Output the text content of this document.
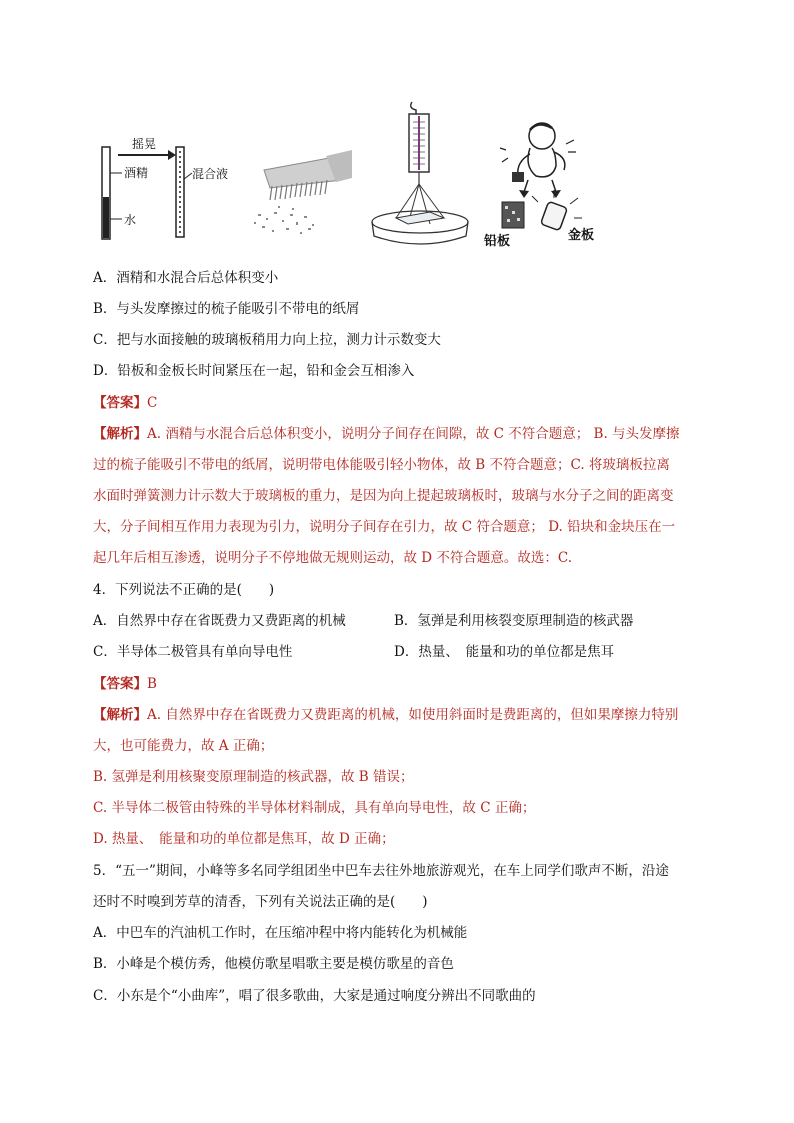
摇晃
酒精
水
混合液
铅板	金板
A．酒精和水混合后总体积变小
B．与头发摩擦过的梳子能吸引不带电的纸屑
C．把与水面接触的玻璃板稍用力向上拉，测力计示数变大
D．铅板和金板长时间紧压在一起，铅和金会互相渗入
【答案】C
【解析】A. 酒精与水混合后总体积变小，说明分子间存在间隙，故 C 不符合题意； B. 与头发摩擦
过的梳子能吸引不带电的纸屑，说明带电体能吸引轻小物体，故 B 不符合题意；C. 将玻璃板拉离
水面时弹簧测力计示数大于玻璃板的重力，是因为向上提起玻璃板时，玻璃与水分子之间的距离变
大，分子间相互作用力表现为引力，说明分子间存在引力，故 C 符合题意； D. 铅块和金块压在一
起几年后相互渗透，说明分子不停地做无规则运动，故 D 不符合题意。故选：C.
4．下列说法不正确的是(　　)
A．自然界中存在省既费力又费距离的机械	B．氢弹是利用核裂变原理制造的核武器
C．半导体二极管具有单向导电性	D．热量、　能量和功的单位都是焦耳
【答案】B
【解析】A. 自然界中存在省既费力又费距离的机械，如使用斜面时是费距离的，但如果摩擦力特别
大，也可能费力，故 A 正确；
B. 氢弹是利用核聚变原理制造的核武器，故 B 错误；
C. 半导体二极管由特殊的半导体材料制成，具有单向导电性，故 C 正确；
D. 热量、　能量和功的单位都是焦耳，故 D 正确；
5．“五一”期间，小峰等多名同学组团坐中巴车去往外地旅游观光，在车上同学们歌声不断，沿途
还时不时嗅到芳草的清香，下列有关说法正确的是(　　)
A．中巴车的汽油机工作时，在压缩冲程中将内能转化为机械能
B．小峰是个模仿秀，他模仿歌星唱歌主要是模仿歌星的音色
C．小东是个“小曲库”，唱了很多歌曲，大家是通过响度分辨出不同歌曲的
